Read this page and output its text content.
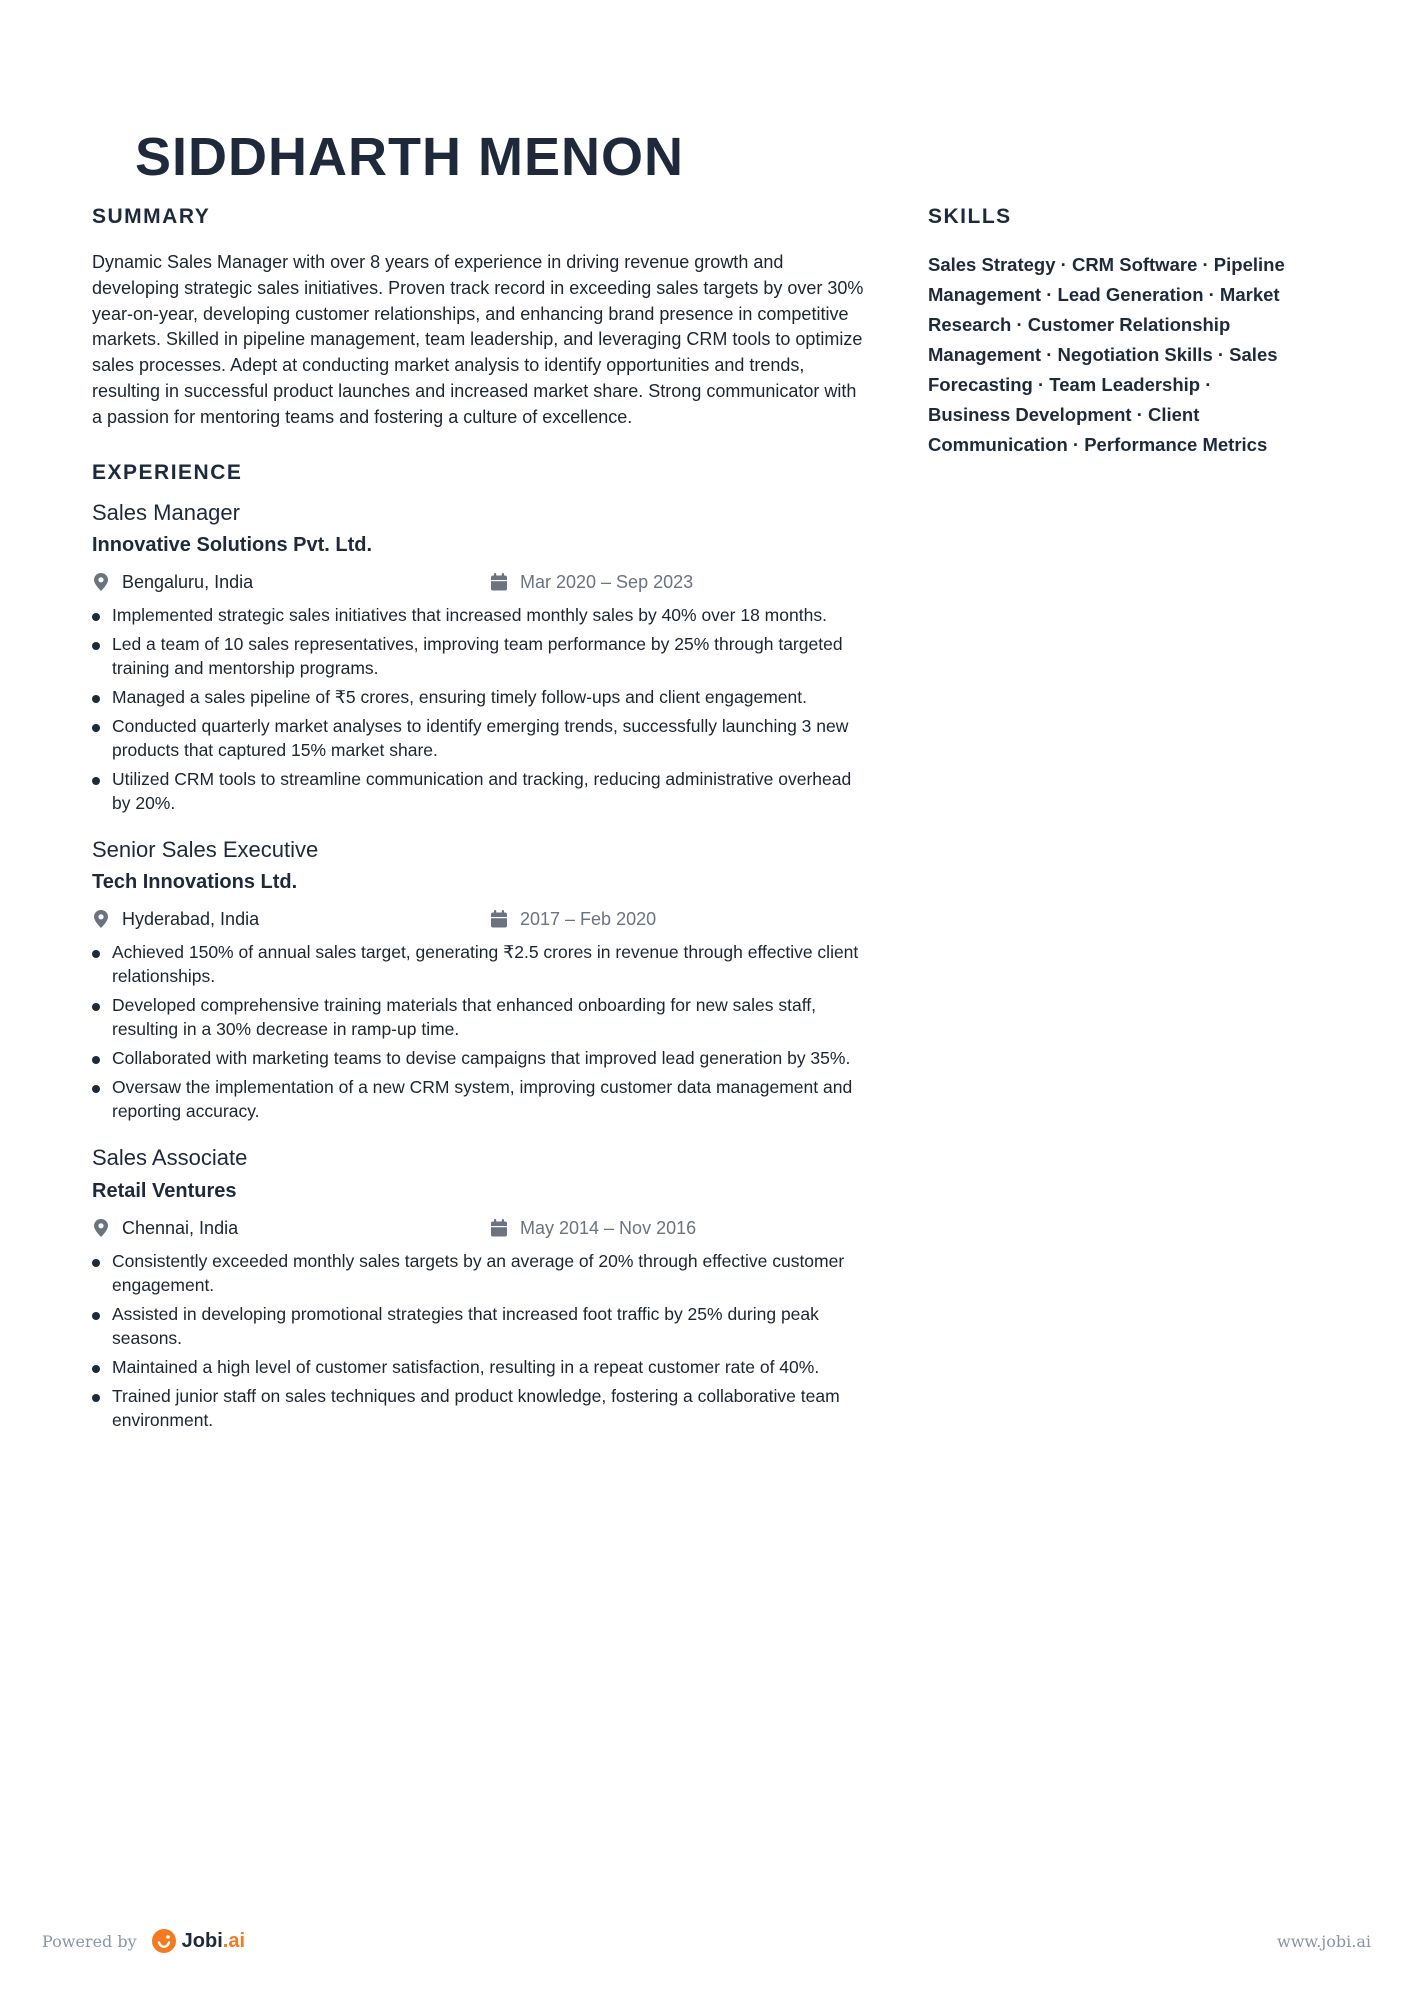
SIDDHARTH MENON
SUMMARY

Dynamic Sales Manager with over 8 years of experience in driving revenue growth and developing strategic sales initiatives. Proven track record in exceeding sales targets by over 30% year-on-year, developing customer relationships, and enhancing brand presence in competitive markets. Skilled in pipeline management, team leadership, and leveraging CRM tools to optimize sales processes. Adept at conducting market analysis to identify opportunities and trends, resulting in successful product launches and increased market share. Strong communicator with a passion for mentoring teams and fostering a culture of excellence.

EXPERIENCE
Sales Manager
Innovative Solutions Pvt. Ltd.
Bengaluru, India	Mar 2020 – Sep 2023
Implemented strategic sales initiatives that increased monthly sales by 40% over 18 months.
Led a team of 10 sales representatives, improving team performance by 25% through targeted training and mentorship programs.
Managed a sales pipeline of ₹5 crores, ensuring timely follow-ups and client engagement.
Conducted quarterly market analyses to identify emerging trends, successfully launching 3 new products that captured 15% market share.
Utilized CRM tools to streamline communication and tracking, reducing administrative overhead by 20%.
Senior Sales Executive
Tech Innovations Ltd.
Hyderabad, India	2017 – Feb 2020
Achieved 150% of annual sales target, generating ₹2.5 crores in revenue through effective client relationships.
Developed comprehensive training materials that enhanced onboarding for new sales staff, resulting in a 30% decrease in ramp-up time.
Collaborated with marketing teams to devise campaigns that improved lead generation by 35%.
Oversaw the implementation of a new CRM system, improving customer data management and reporting accuracy.
Sales Associate
Retail Ventures
Chennai, India	May 2014 – Nov 2016
Consistently exceeded monthly sales targets by an average of 20% through effective customer engagement.
Assisted in developing promotional strategies that increased foot traffic by 25% during peak seasons.
Maintained a high level of customer satisfaction, resulting in a repeat customer rate of 40%.
Trained junior staff on sales techniques and product knowledge, fostering a collaborative team environment.
SKILLS

Sales Strategy · CRM Software · Pipeline Management · Lead Generation · Market Research · Customer Relationship Management · Negotiation Skills · Sales Forecasting · Team Leadership · Business Development · Client Communication · Performance Metrics

Powered by Jobi.ai	www.jobi.ai
